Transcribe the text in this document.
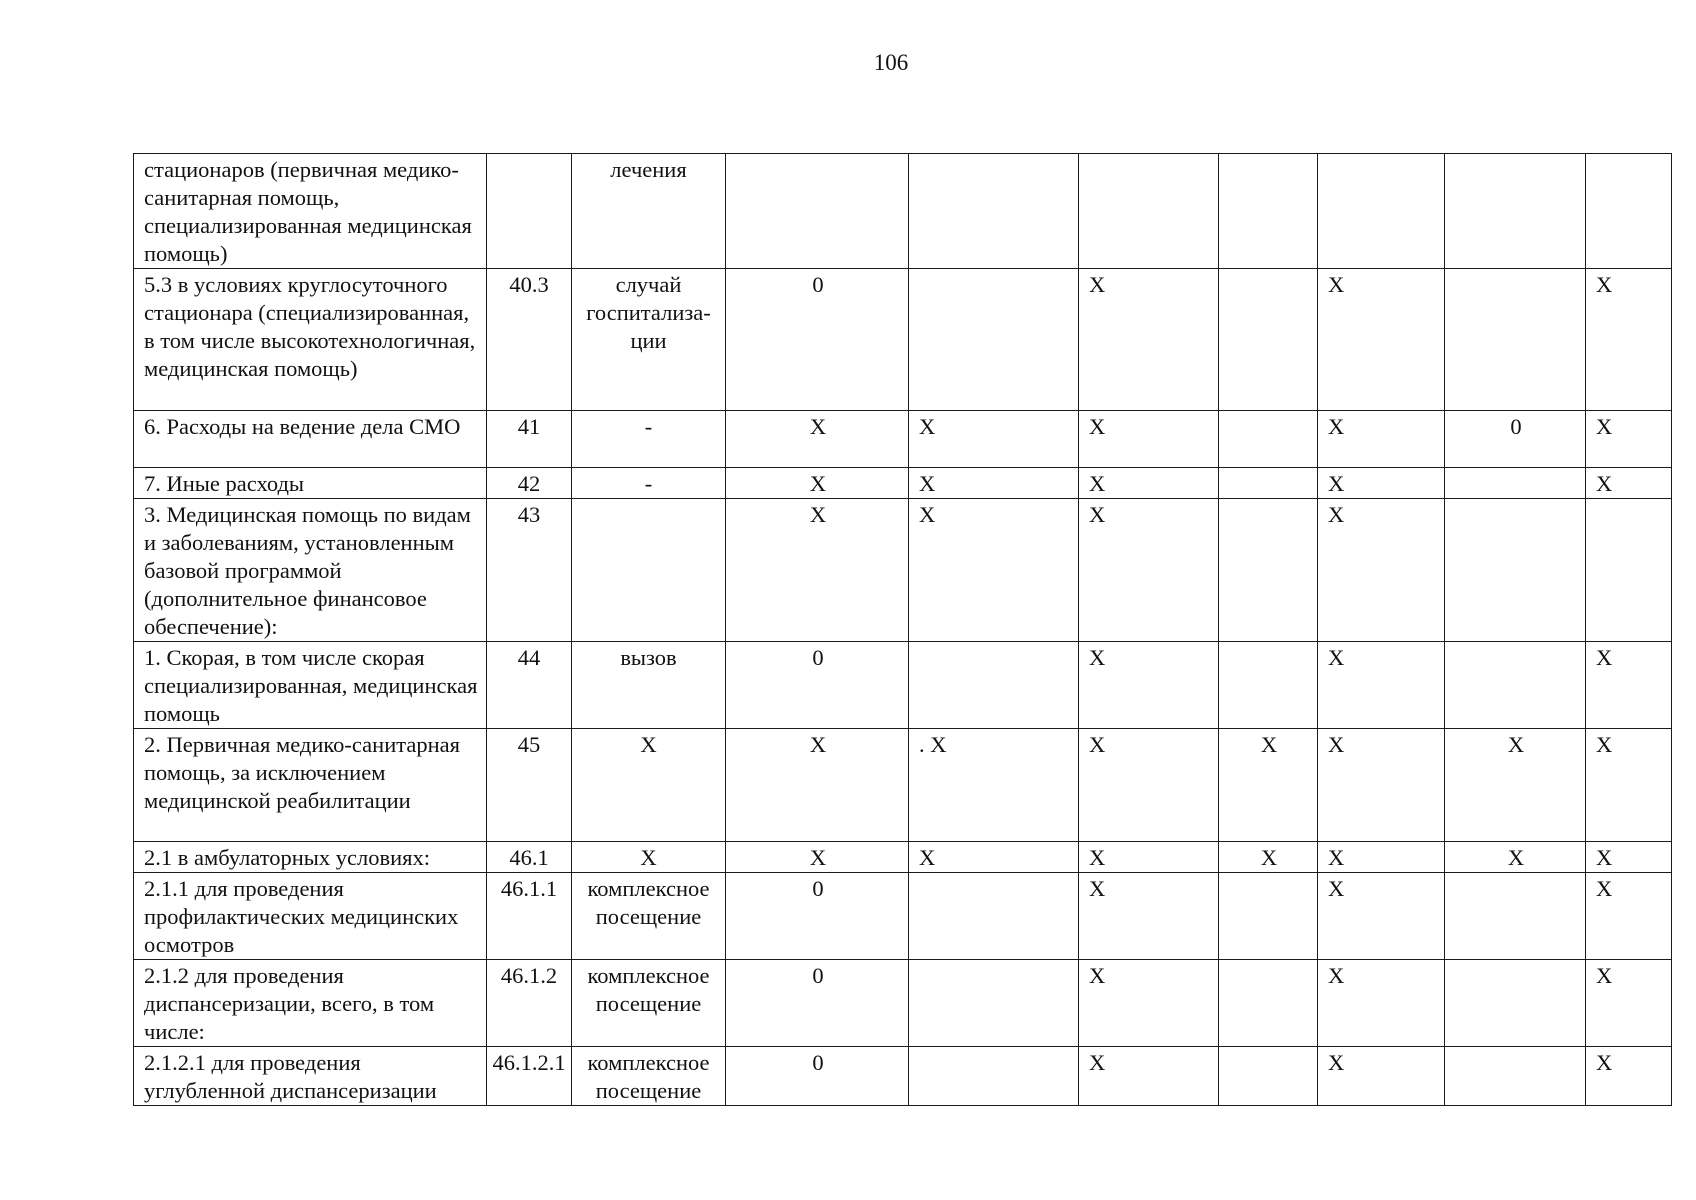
106
стационаров (первичная медико-санитарная помощь, специализированная медицинская помощь)		лечения							
5.3 в условиях круглосуточного стационара (специализированная, в том числе высокотехнологичная, медицинская помощь)	40.3	случай госпитализа-ции	0		X		X		X
6. Расходы на ведение дела СМО	41	-	X	X	X		X	0	X
7. Иные расходы	42	-	X	X	X		X		X
3. Медицинская помощь по видам и заболеваниям, установленным базовой программой (дополнительное финансовое обеспечение):	43		X	X	X		X		
1. Скорая, в том числе скорая специализированная, медицинская помощь	44	вызов	0		X		X		X
2. Первичная медико-санитарная помощь, за исключением медицинской реабилитации	45	X	X	. X	X	X	X	X	X
2.1 в амбулаторных условиях:	46.1	X	X	X	X	X	X	X	X
2.1.1 для проведения профилактических медицинских осмотров	46.1.1	комплексное посещение	0		X		X		X
2.1.2 для проведения диспансеризации, всего, в том числе:	46.1.2	комплексное посещение	0		X		X		X
2.1.2.1 для проведения углубленной диспансеризации	46.1.2.1	комплексное посещение	0		X		X		X
